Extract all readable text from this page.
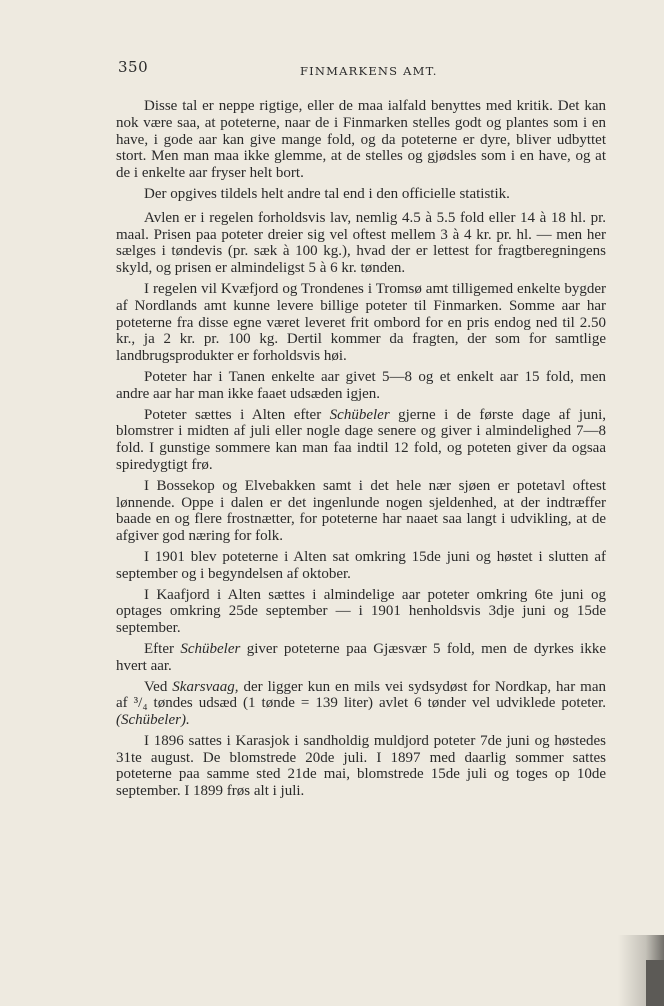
350	FINMARKENS AMT.

Disse tal er neppe rigtige, eller de maa ialfald benyttes med kritik. Det kan nok være saa, at poteterne, naar de i Finmarken stelles godt og plantes som i en have, i gode aar kan give mange fold, og da poteterne er dyre, bliver udbyttet stort. Men man maa ikke glemme, at de stelles og gjødsles som i en have, og at de i enkelte aar fryser helt bort.

Der opgives tildels helt andre tal end i den officielle statistik.

Avlen er i regelen forholdsvis lav, nemlig 4.5 à 5.5 fold eller 14 à 18 hl. pr. maal. Prisen paa poteter dreier sig vel oftest mellem 3 à 4 kr. pr. hl. — men her sælges i tøndevis (pr. sæk à 100 kg.), hvad der er lettest for fragtberegningens skyld, og prisen er almindeligst 5 à 6 kr. tønden.

I regelen vil Kvæfjord og Trondenes i Tromsø amt tilligemed enkelte bygder af Nordlands amt kunne levere billige poteter til Finmarken. Somme aar har poteterne fra disse egne været leveret frit ombord for en pris endog ned til 2.50 kr., ja 2 kr. pr. 100 kg. Dertil kommer da fragten, der som for samtlige landbrugsprodukter er forholdsvis høi.

Poteter har i Tanen enkelte aar givet 5—8 og et enkelt aar 15 fold, men andre aar har man ikke faaet udsæden igjen.

Poteter sættes i Alten efter Schübeler gjerne i de første dage af juni, blomstrer i midten af juli eller nogle dage senere og giver i almindelighed 7—8 fold. I gunstige sommere kan man faa indtil 12 fold, og poteten giver da ogsaa spiredygtigt frø.

I Bossekop og Elvebakken samt i det hele nær sjøen er potetavl oftest lønnende. Oppe i dalen er det ingenlunde nogen sjeldenhed, at der indtræffer baade en og flere frostnætter, for poteterne har naaet saa langt i udvikling, at de afgiver god næring for folk.

I 1901 blev poteterne i Alten sat omkring 15de juni og høstet i slutten af september og i begyndelsen af oktober.

I Kaafjord i Alten sættes i almindelige aar poteter omkring 6te juni og optages omkring 25de september — i 1901 henholdsvis 3dje juni og 15de september.

Efter Schübeler giver poteterne paa Gjæsvær 5 fold, men de dyrkes ikke hvert aar.

Ved Skarsvaag, der ligger kun en mils vei sydsydøst for Nordkap, har man af ³/₄ tøndes udsæd (1 tønde = 139 liter) avlet 6 tønder vel udviklede poteter. (Schübeler).

I 1896 sattes i Karasjok i sandholdig muldjord poteter 7de juni og høstedes 31te august. De blomstrede 20de juli. I 1897 med daarlig sommer sattes poteterne paa samme sted 21de mai, blomstrede 15de juli og toges op 10de september. I 1899 frøs alt i juli.
